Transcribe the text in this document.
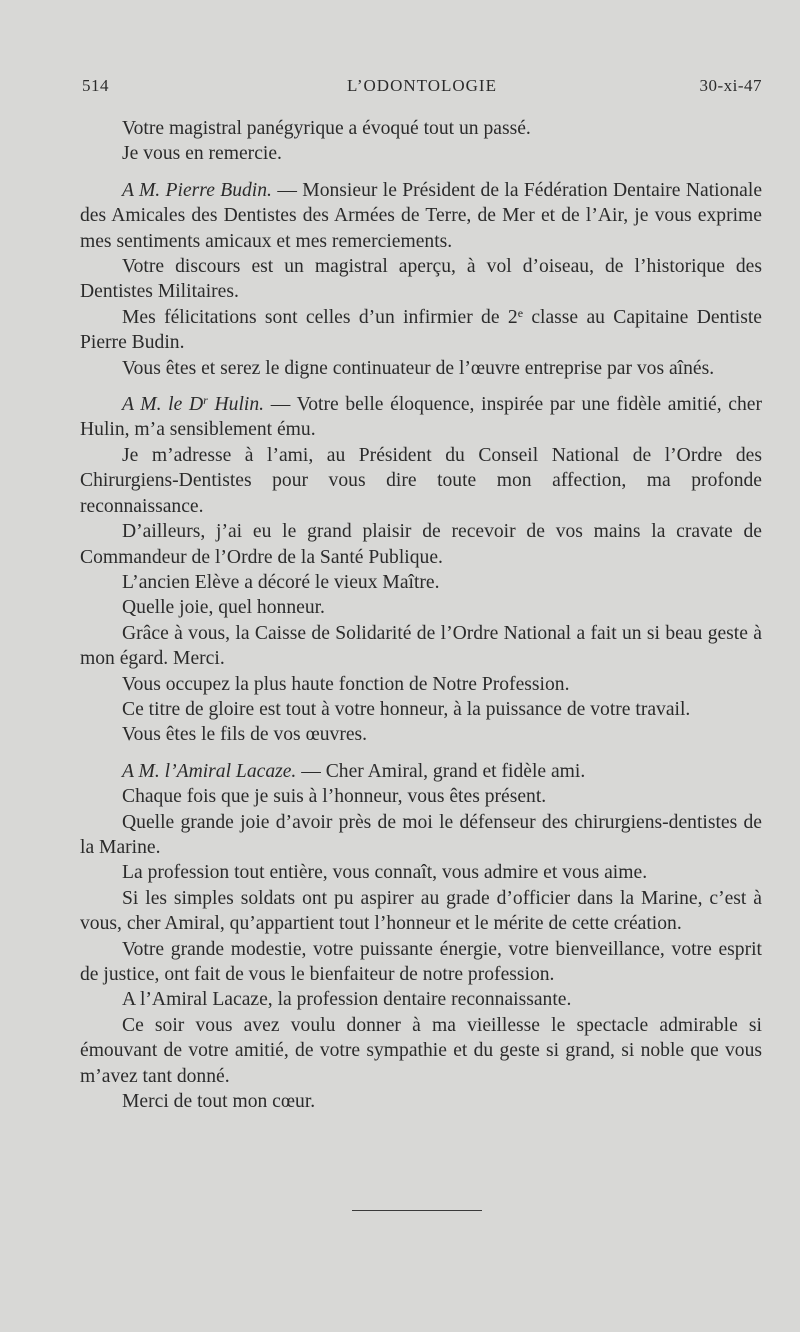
514	L’ODONTOLOGIE	30-xi-47

Votre magistral panégyrique a évoqué tout un passé.

Je vous en remercie.

A M. Pierre Budin. — Monsieur le Président de la Fédération Dentaire Nationale des Amicales des Dentistes des Armées de Terre, de Mer et de l’Air, je vous exprime mes sentiments amicaux et mes remerciements.

Votre discours est un magistral aperçu, à vol d’oiseau, de l’historique des Dentistes Militaires.

Mes félicitations sont celles d’un infirmier de 2e classe au Capitaine Dentiste Pierre Budin.

Vous êtes et serez le digne continuateur de l’œuvre entreprise par vos aînés.

A M. le $D^r$ Hulin. — Votre belle éloquence, inspirée par une fidèle amitié, cher Hulin, m’a sensiblement ému.

Je m’adresse à l’ami, au Président du Conseil National de l’Ordre des Chirurgiens-Dentistes pour vous dire toute mon affection, ma profonde reconnaissance.

D’ailleurs, j’ai eu le grand plaisir de recevoir de vos mains la cravate de Commandeur de l’Ordre de la Santé Publique.

L’ancien Elève a décoré le vieux Maître.

Quelle joie, quel honneur.

Grâce à vous, la Caisse de Solidarité de l’Ordre National a fait un si beau geste à mon égard. Merci.

Vous occupez la plus haute fonction de Notre Profession.

Ce titre de gloire est tout à votre honneur, à la puissance de votre travail.

Vous êtes le fils de vos œuvres.

A M. l’Amiral Lacaze. — Cher Amiral, grand et fidèle ami.

Chaque fois que je suis à l’honneur, vous êtes présent.

Quelle grande joie d’avoir près de moi le défenseur des chirurgiens-dentistes de la Marine.

La profession tout entière, vous connaît, vous admire et vous aime.

Si les simples soldats ont pu aspirer au grade d’officier dans la Marine, c’est à vous, cher Amiral, qu’appartient tout l’honneur et le mérite de cette création.

Votre grande modestie, votre puissante énergie, votre bienveillance, votre esprit de justice, ont fait de vous le bienfaiteur de notre profession.

A l’Amiral Lacaze, la profession dentaire reconnaissante.

Ce soir vous avez voulu donner à ma vieillesse le spectacle admirable si émouvant de votre amitié, de votre sympathie et du geste si grand, si noble que vous m’avez tant donné.

Merci de tout mon cœur.
